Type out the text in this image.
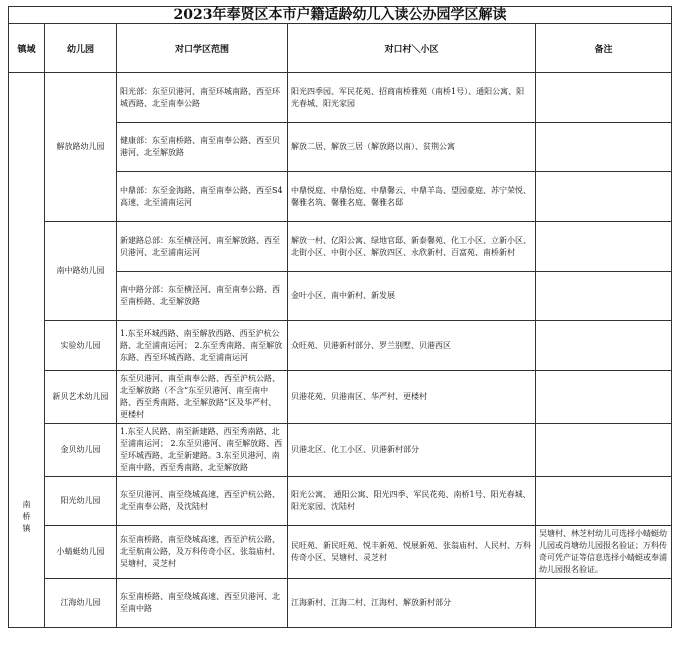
2023年奉贤区本市户籍适龄幼儿入读公办园学区解读				
镇域	幼儿园	对口学区范围	对口村＼小区	备注
南桥镇	解放路幼儿园	阳光部：东至贝港河、南至环城南路、西至环城西路、北至南奉公路	阳光四季园、军民花苑、招商南桥雅苑（南桥1号）、通阳公寓、阳光春城、阳光家园	
		健康部：东至南桥路、南至南奉公路、西至贝港河、北至解放路	解放二居、解放三居（解放路以南）、贫荆公寓	
		中鼎部：东至金海路、南至南奉公路、西至S4高速、北至浦南运河	中鼎悦庭、中鼎怡庭、中鼎馨云、中鼎羊岛、望园豪庭、苏宁荣悦、馨雅名筑、馨雅名庭、馨雅名邸	
	南中路幼儿园	新建路总部：东至横泾河、南至解放路、西至贝港河、北至浦南运河	解放一村、亿阳公寓、绿地官邸、新泰馨苑、化工小区、立新小区、北街小区、中街小区、解放四区、永欣新村、百富苑、南桥新村	
		南中路分部：东至横泾河、南至南奉公路、西至南桥路、北至解放路	金叶小区、南中新村、新发展	
	实验幼儿园	1.东至环城西路、南至解放西路、西至沪杭公路、北至浦南运河； 2.东至秀南路、南至解放东路、西至环城西路、北至浦南运河	众旺苑、贝港新村部分、罗兰别墅、贝港西区	
	新贝艺术幼儿园	东至贝港河、南至南奉公路、西至沪杭公路、北至解放路（不含“东至贝港河、南至南中路、西至秀南路、北至解放路”区及华严村、更楼村	贝港花苑、贝港南区、华严村、更楼村	
	金贝幼儿园	1.东至人民路、南至新建路、西至秀南路、北至浦南运河； 2.东至贝港河、南至解放路、西至环城西路、北至新建路。3.东至贝港河、南至南中路、西至秀南路、北至解放路	贝港北区、化工小区、贝港新村部分	
	阳光幼儿园	东至贝港河、南至绕城高速、西至沪杭公路、北至南奉公路，及沈陆村	阳光公寓、 通阳公寓、阳光四季、军民花苑、南桥1号、阳光春城、阳光家园、沈陆村	
	小蜻蜓幼儿园	东至南桥路、南至绕城高速、西至沪杭公路、北至航南公路，及万科传奇小区、张翁庙村、吴塘村、灵芝村	民旺苑、新民旺苑、悦丰新苑、悦展新苑、张翁庙村、人民村、万科传奇小区、吴塘村、灵芝村	吴塘村、林芝村幼儿可选择小蜻蜓幼儿园或肖塘幼儿园报名验证；万科传奇可凭产证等信息选择小蜻蜓或奉浦幼儿园报名验证。
	江海幼儿园	东至南桥路、南至绕城高速、西至贝港河、北至南中路	江海新村、江海二村、江海村、解放新村部分	
